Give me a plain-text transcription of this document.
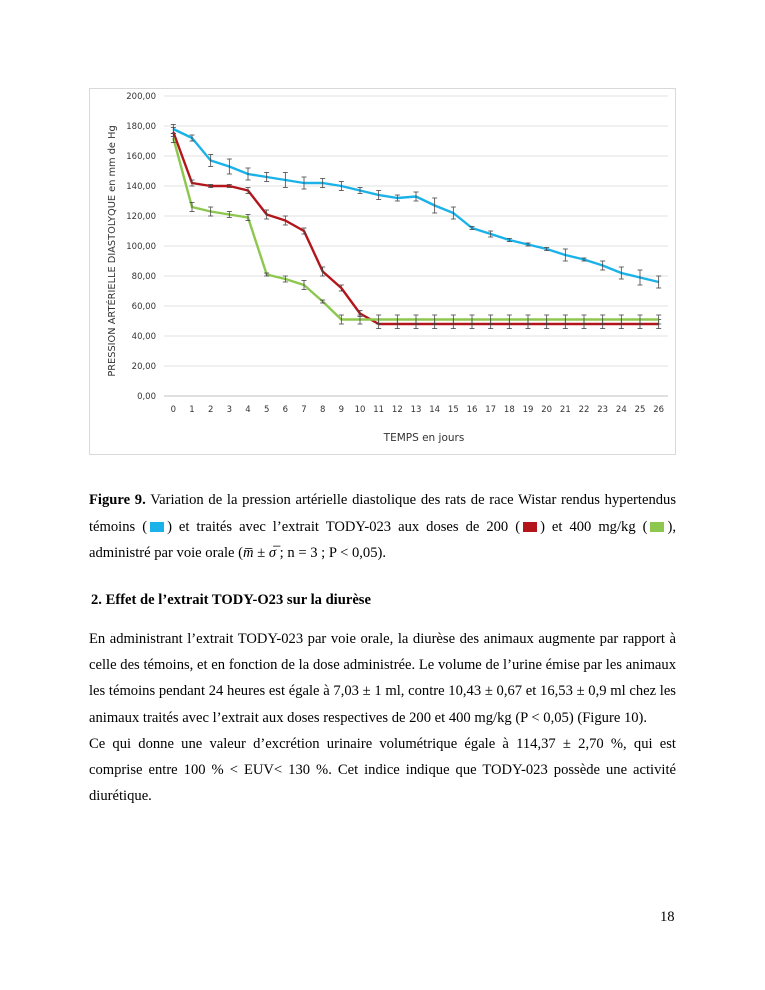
0,00
20,00
40,00
60,00
80,00
100,00
120,00
140,00
160,00
180,00
200,00
0 1 2 3 4 5 6 7 8 9 10 11 12 13 14 15 16 17 18 19 20 21 22 23 24 25 26
TEMPS en jours
PRESSION ARTÉRIELLE DIASTOLYQUE en mm de Hg
Figure 9. Variation de la pression artérielle diastolique des rats de race Wistar rendus hypertendus témoins ( ) et traités avec l’extrait TODY-023 aux doses de 200 ( ) et 400 mg/kg ( ), administré par voie orale (m̅ ± σ̅ ; n = 3 ; P < 0,05).
2. Effet de l’extrait TODY-O23 sur la diurèse

En administrant l’extrait TODY-023 par voie orale, la diurèse des animaux augmente par rapport à celle des témoins, et en fonction de la dose administrée. Le volume de l’urine émise par les animaux les témoins pendant 24 heures est égale à 7,03 ± 1 ml, contre 10,43 ± 0,67 et 16,53 ± 0,9 ml chez les animaux traités avec l’extrait aux doses respectives de 200 et 400 mg/kg (P < 0,05) (Figure 10).

Ce qui donne une valeur d’excrétion urinaire volumétrique égale à 114,37 ± 2,70 %, qui est comprise entre 100 % < EUV< 130 %. Cet indice indique que TODY-023 possède une activité diurétique.

18
